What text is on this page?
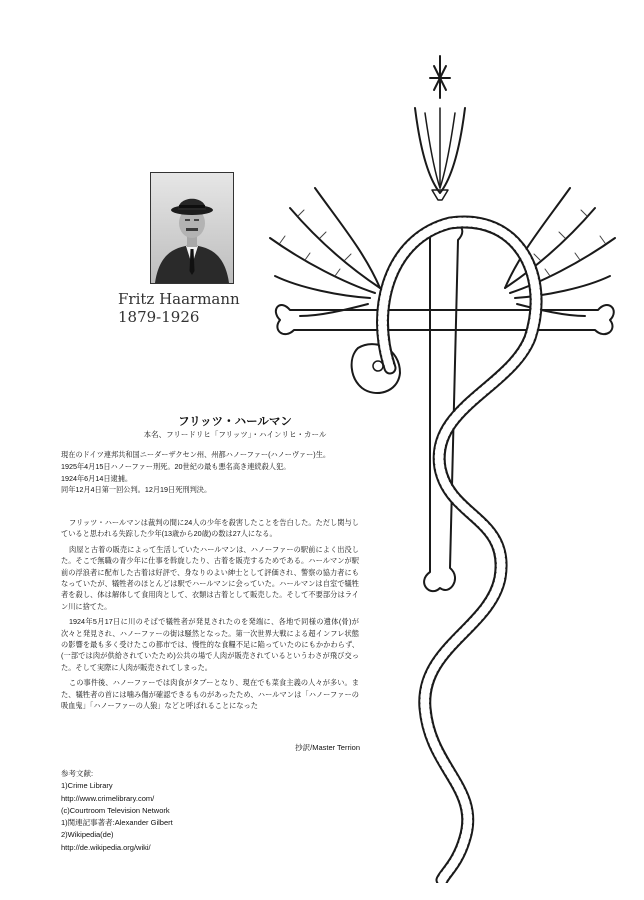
Fritz Haarmann
1879-1926
フリッツ・ハールマン
本名、フリードリヒ「フリッツ」・ハインリヒ・カール
現在のドイツ連邦共和国ニーダーザクセン州、州都ハノーファー(ハノーヴァー)生。
1925年4月15日ハノーファー刑死。20世紀の最も悪名高き連続殺人犯。
1924年6月14日逮捕。
同年12月4日第一回公判。12月19日死刑判決。

フリッツ・ハールマンは裁判の間に24人の少年を殺害したことを告白した。ただし関与していると思われる失踪した少年(13歳から20歳)の数は27人になる。

肉屋と古着の販売によって生活していたハールマンは、ハノーファーの駅前によく出没した。そこで無職の青少年に仕事を斡旋したり、古着を販売するためである。ハールマンが駅前の浮浪者に配布した古着は好評で、身なりのよい紳士として評価され、警察の協力者にもなっていたが、犠牲者のほとんどは駅でハールマンに会っていた。ハールマンは自室で犠牲者を殺し、体は解体して食用肉として、衣類は古着として販売した。そして不要部分はライン川に捨てた。

1924年5月17日に川のそばで犠牲者が発見されたのを発端に、各地で同様の遺体(骨)が次々と発見され、ハノーファーの街は騒然となった。第一次世界大戦による超インフレ状態の影響を最も多く受けたこの都市では、慢性的な食糧不足に陥っていたのにもかかわらず、(一部では肉が供給されていたため)公共の場で人肉が販売されているというわさが飛び交った。そして実際に人肉が販売されてしまった。

この事件後、ハノーファーでは肉食がタブーとなり、現在でも菜食主義の人々が多い。また、犠牲者の首には噛み傷が確認できるものがあったため、ハールマンは「ハノーファーの吸血鬼」「ハノーファーの人狼」などと呼ばれることになった

抄訳/Master Terrion
参考文献:
1)Crime Library
http://www.crimelibrary.com/
(c)Courtroom Television Network
1)関連記事著者:Alexander Gilbert
2)Wikipedia(de)
http://de.wikipedia.org/wiki/
